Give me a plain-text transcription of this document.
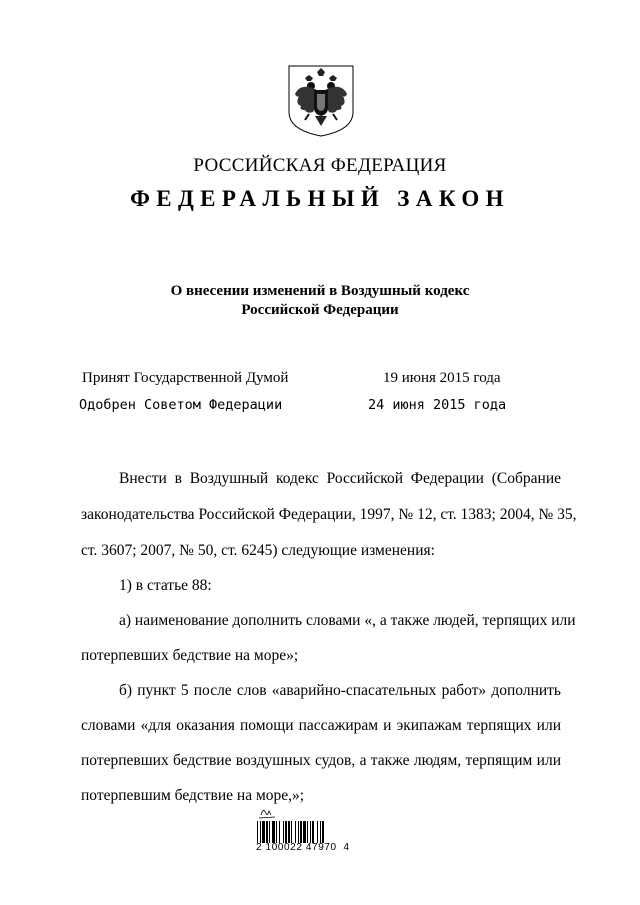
РОССИЙСКАЯ ФЕДЕРАЦИЯ
ФЕДЕРАЛЬНЫЙ ЗАКОН
О внесении изменений в Воздушный кодекс
Российской Федерации
Принят Государственной Думой	19 июня 2015 года
Одобрен Советом Федерации	24 июня 2015 года
Внести в Воздушный кодекс Российской Федерации (Собрание
законодательства Российской Федерации, 1997, № 12, ст. 1383; 2004, № 35,
ст. 3607; 2007, № 50, ст. 6245) следующие изменения:
1) в статье 88:
а) наименование дополнить словами «, а также людей, терпящих или
потерпевших бедствие на море»;
б) пункт 5 после слов «аварийно-спасательных работ» дополнить
словами «для оказания помощи пассажирам и экипажам терпящих или
потерпевших бедствие воздушных судов, а также людям, терпящим или
потерпевшим бедствие на море,»;
2 100022 47970  4
